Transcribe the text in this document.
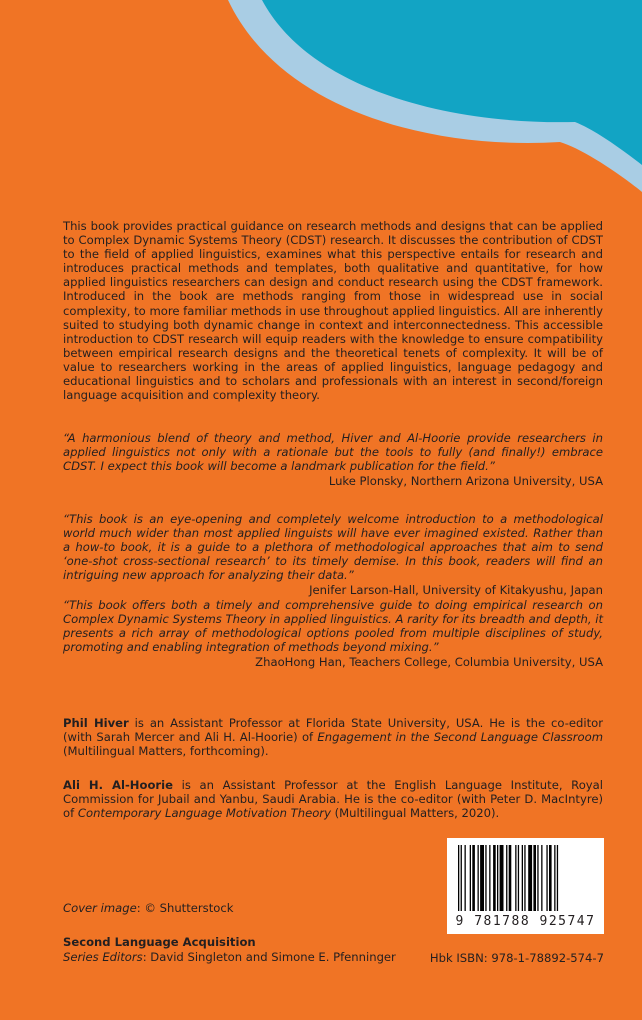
This book provides practical guidance on research methods and designs that can be applied to Complex Dynamic Systems Theory (CDST) research. It discusses the contribution of CDST to the field of applied linguistics, examines what this perspective entails for research and introduces practical methods and templates, both qualitative and quantitative, for how applied linguistics researchers can design and conduct research using the CDST framework. Introduced in the book are methods ranging from those in widespread use in social complexity, to more familiar methods in use throughout applied linguistics. All are inherently suited to studying both dynamic change in context and interconnectedness. This accessible introduction to CDST research will equip readers with the knowledge to ensure compatibility between empirical research designs and the theoretical tenets of complexity. It will be of value to researchers working in the areas of applied linguistics, language pedagogy and educational linguistics and to scholars and professionals with an interest in second/foreign language acquisition and complexity theory.

“A harmonious blend of theory and method, Hiver and Al-Hoorie provide researchers in applied linguistics not only with a rationale but the tools to fully (and finally!) embrace CDST. I expect this book will become a landmark publication for the field.”

Luke Plonsky, Northern Arizona University, USA

“This book is an eye-opening and completely welcome introduction to a methodological world much wider than most applied linguists will have ever imagined existed. Rather than a how-to book, it is a guide to a plethora of methodological approaches that aim to send ‘one-shot cross-sectional research’ to its timely demise. In this book, readers will find an intriguing new approach for analyzing their data.”

Jenifer Larson-Hall, University of Kitakyushu, Japan

“This book offers both a timely and comprehensive guide to doing empirical research on Complex Dynamic Systems Theory in applied linguistics. A rarity for its breadth and depth, it presents a rich array of methodological options pooled from multiple disciplines of study, promoting and enabling integration of methods beyond mixing.”

ZhaoHong Han, Teachers College, Columbia University, USA

Phil Hiver is an Assistant Professor at Florida State University, USA. He is the co-editor (with Sarah Mercer and Ali H. Al-Hoorie) of Engagement in the Second Language Classroom (Multilingual Matters, forthcoming).

Ali H. Al-Hoorie is an Assistant Professor at the English Language Institute, Royal Commission for Jubail and Yanbu, Saudi Arabia. He is the co-editor (with Peter D. MacIntyre) of Contemporary Language Motivation Theory (Multilingual Matters, 2020).

Cover image: © Shutterstock
Second Language Acquisition
Series Editors: David Singleton and Simone E. Pfenninger
9 781788 925747
Hbk ISBN: 978-1-78892-574-7
